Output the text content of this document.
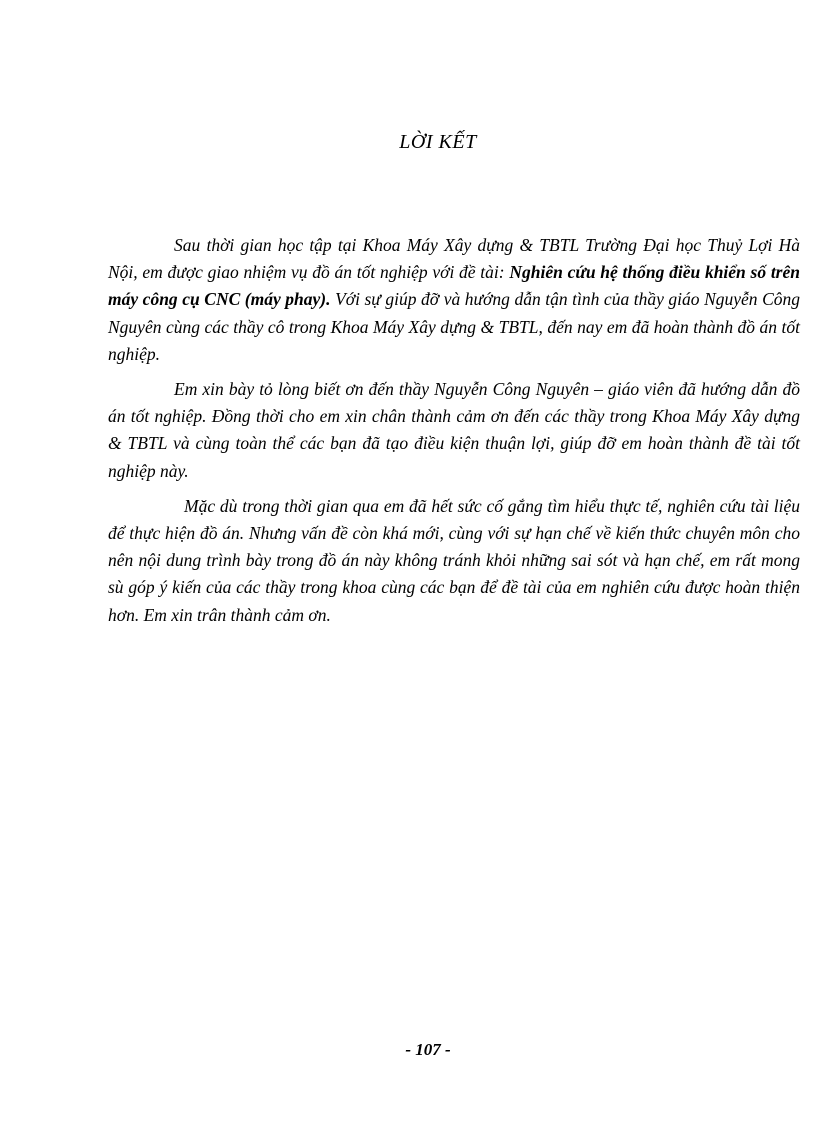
LỜI KẾT

Sau thời gian học tập tại Khoa Máy Xây dựng & TBTL Trường Đại học Thuỷ Lợi Hà Nội, em được giao nhiệm vụ đồ án tốt nghiệp với đề tài: Nghiên cứu hệ thống điều khiển số trên máy công cụ CNC (máy phay). Với sự giúp đỡ và hướng dẫn tận tình của thầy giáo Nguyễn Công Nguyên cùng các thầy cô trong Khoa Máy Xây dựng & TBTL, đến nay em đã hoàn thành đồ án tốt nghiệp.

Em xin bày tỏ lòng biết ơn đến thầy Nguyễn Công Nguyên – giáo viên đã hướng dẫn đồ án tốt nghiệp. Đồng thời cho em xin chân thành cảm ơn đến các thầy trong Khoa Máy Xây dựng & TBTL và cùng toàn thể các bạn đã tạo điều kiện thuận lợi, giúp đỡ em hoàn thành đề tài tốt nghiệp này.

Mặc dù trong thời gian qua em đã hết sức cố gắng tìm hiểu thực tế, nghiên cứu tài liệu để thực hiện đồ án. Nhưng vấn đề còn khá mới, cùng với sự hạn chế về kiến thức chuyên môn cho nên nội dung trình bày trong đồ án này không tránh khỏi những sai sót và hạn chế, em rất mong sù góp ý kiến của các thầy trong khoa cùng các bạn để đề tài của em nghiên cứu được hoàn thiện hơn. Em xin trân thành cảm ơn.

- 107 -
